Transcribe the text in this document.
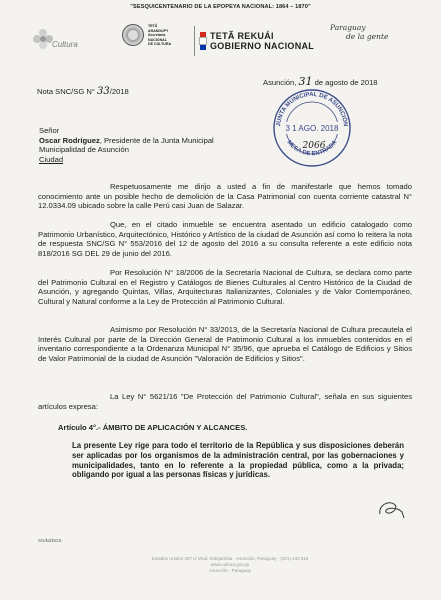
"SESQUICENTENARIO DE LA EPOPEYA NACIONAL: 1864 – 1870"
Cultura
TETÃ
ARANDUPY
Secretaría
NACIONAL
DE CULTURA
TETÃ REKUÁI
GOBIERNO NACIONAL
Paraguay
de la gente
Asunción, 31 de agosto de 2018
Nota SNC/SG N° 33/2018
JUNTA MUNICIPAL DE ASUNCIÓN
MESA DE ENTRADA
3 1 AGO. 2018
2066
Señor
Oscar Rodríguez, Presidente de la Junta Municipal
Municipalidad de Asunción
Ciudad

Respetuosamente me dirijo a usted a fin de manifestarle que hemos tomado conocimiento ante un posible hecho de demolición de la Casa Patrimonial con cuenta corriente catastral N° 12.0334.09 ubicado sobre la calle Perú casi Juan de Salazar.

Que, en el citado inmueble se encuentra asentado un edificio catalogado como Patrimonio Urbanístico, Arquitectónico, Histórico y Artístico de la ciudad de Asunción así como lo reitera la nota de respuesta SNC/SG N° 553/2016 del 12 de agosto del 2016 a su consulta referente a este edificio nota 818/2016 SG DEL 29 de junio del 2016.

Por Resolución N° 18/2006 de la Secretaría Nacional de Cultura, se declara como parte del Patrimonio Cultural en el Registro y Catálogos de Bienes Culturales al Centro Histórico de la Ciudad de Asunción, y agregando Quintas, Villas, Arquitecturas Italianizantes, Coloniales y de Valor Contemporáneo, Cultural y Natural conforme a la Ley de Protección al Patrimonio Cultural.

Asimismo por Resolución N° 33/2013, de la Secretaría Nacional de Cultura precautela el Interés Cultural por parte de la Dirección General de Patrimonio Cultural a los inmuebles contenidos en el inventario correspondiente a la Ordenanza Municipal N° 35/96, que aprueba el Catálogo de Edificios y Sitios de Valor Patrimonial de la ciudad de Asunción "Valoración de Edificios y Sitios".

La Ley N° 5621/16 "De Protección del Patrimonio Cultural", señala en sus siguientes artículos expresa:

Artículo 4°.- ÁMBITO DE APLICACIÓN Y ALCANCES.

La presente Ley rige para todo el territorio de la República y sus disposiciones deberán ser aplicadas por los organismos de la administración central, por las gobernaciones y municipalidades, tanto en lo referente a la propiedad pública, como a la privada; obligando por igual a las personas físicas y jurídicas.

SG/kd/DGS
Estados Unidos 457 c/ Mcal. Estigarribia · Asunción, Paraguay · (021) 442 515
www.cultura.gov.py
Asunción · Paraguay
